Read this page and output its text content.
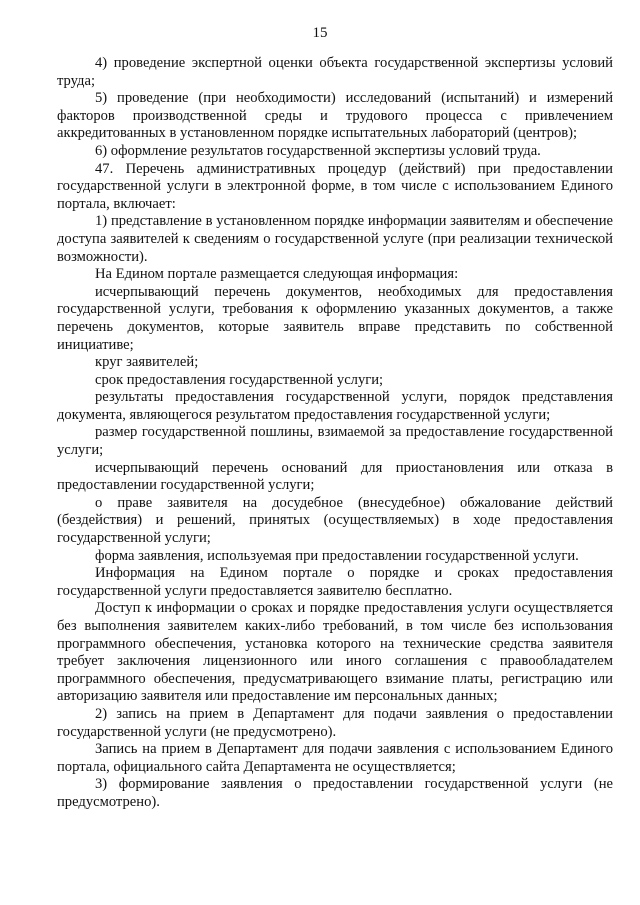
15

4) проведение экспертной оценки объекта государственной экспертизы условий труда;

5) проведение (при необходимости) исследований (испытаний) и измерений факторов производственной среды и трудового процесса с привлечением аккредитованных в установленном порядке испытательных лабораторий (центров);

6) оформление результатов государственной экспертизы условий труда.

47. Перечень административных процедур (действий) при предоставлении государственной услуги в электронной форме, в том числе с использованием Единого портала, включает:

1) представление в установленном порядке информации заявителям и обеспечение доступа заявителей к сведениям о государственной услуге (при реализации технической возможности).

На Едином портале размещается следующая информация:

исчерпывающий перечень документов, необходимых для предоставления государственной услуги, требования к оформлению указанных документов, а также перечень документов, которые заявитель вправе представить по собственной инициативе;

круг заявителей;

срок предоставления государственной услуги;

результаты предоставления государственной услуги, порядок представления документа, являющегося результатом предоставления государственной услуги;

размер государственной пошлины, взимаемой за предоставление государственной услуги;

исчерпывающий перечень оснований для приостановления или отказа в предоставлении государственной услуги;

о праве заявителя на досудебное (внесудебное) обжалование действий (бездействия) и решений, принятых (осуществляемых) в ходе предоставления государственной услуги;

форма заявления, используемая при предоставлении государственной услуги.

Информация на Едином портале о порядке и сроках предоставления государственной услуги предоставляется заявителю бесплатно.

Доступ к информации о сроках и порядке предоставления услуги осуществляется без выполнения заявителем каких-либо требований, в том числе без использования программного обеспечения, установка которого на технические средства заявителя требует заключения лицензионного или иного соглашения с правообладателем программного обеспечения, предусматривающего взимание платы, регистрацию или авторизацию заявителя или предоставление им персональных данных;

2) запись на прием в Департамент для подачи заявления о предоставлении государственной услуги (не предусмотрено).

Запись на прием в Департамент для подачи заявления с использованием Единого портала, официального сайта Департамента не осуществляется;

3) формирование заявления о предоставлении государственной услуги (не предусмотрено).
